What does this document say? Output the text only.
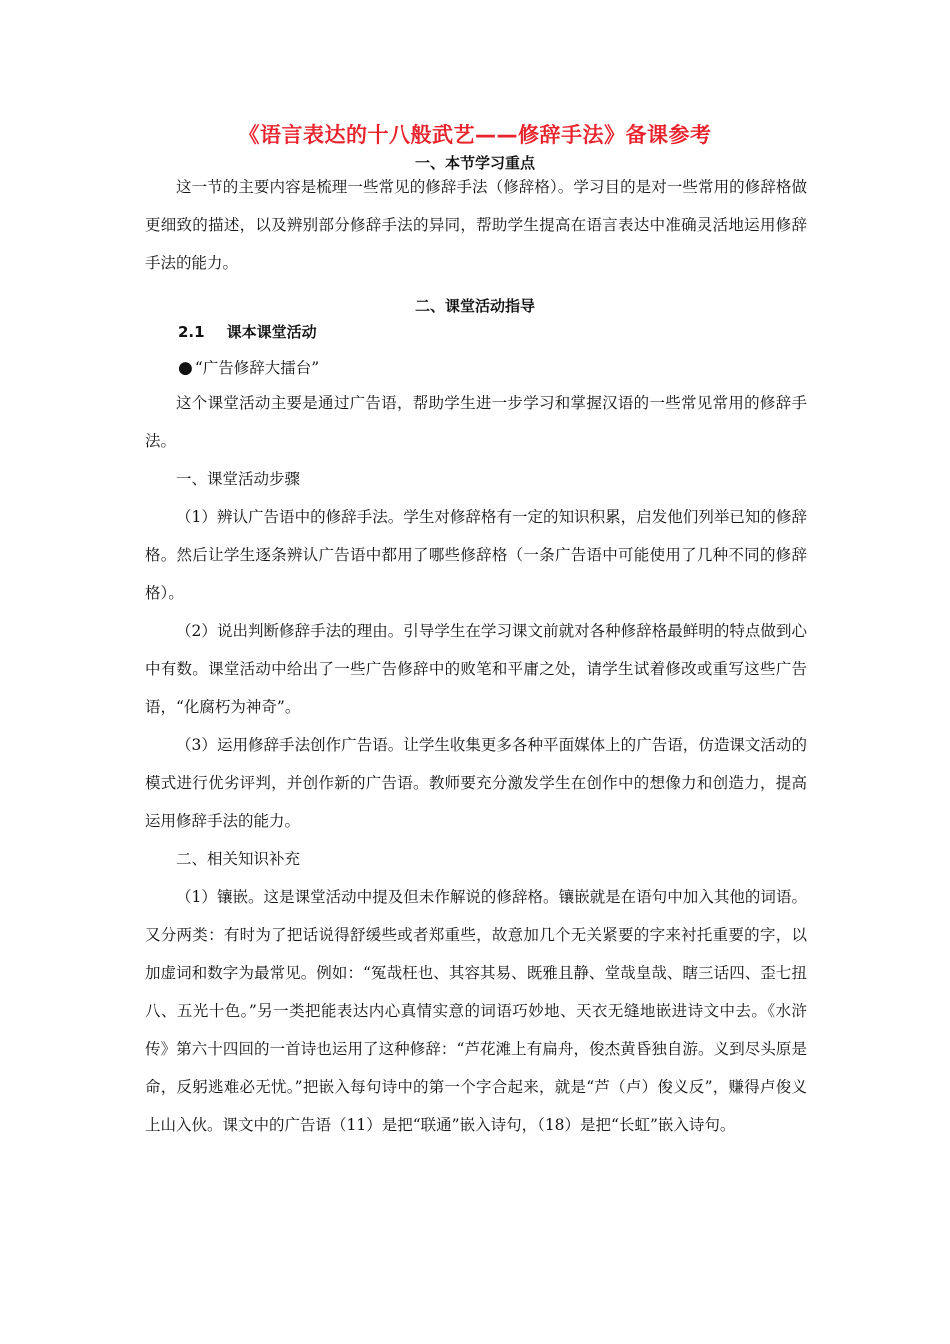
《语言表达的十八般武艺——修辞手法》备课参考
一、本节学习重点

这一节的主要内容是梳理一些常见的修辞手法（修辞格）。学习目的是对一些常用的修辞格做更细致的描述，以及辨别部分修辞手法的异同，帮助学生提高在语言表达中准确灵活地运用修辞手法的能力。

二、课堂活动指导
2.1 课本课堂活动
● “广告修辞大擂台”

这个课堂活动主要是通过广告语，帮助学生进一步学习和掌握汉语的一些常见常用的修辞手法。

一、课堂活动步骤

（1）辨认广告语中的修辞手法。学生对修辞格有一定的知识积累，启发他们列举已知的修辞格。然后让学生逐条辨认广告语中都用了哪些修辞格（一条广告语中可能使用了几种不同的修辞格）。

（2）说出判断修辞手法的理由。引导学生在学习课文前就对各种修辞格最鲜明的特点做到心中有数。课堂活动中给出了一些广告修辞中的败笔和平庸之处，请学生试着修改或重写这些广告语，“化腐朽为神奇”。

（3）运用修辞手法创作广告语。让学生收集更多各种平面媒体上的广告语，仿造课文活动的模式进行优劣评判，并创作新的广告语。教师要充分激发学生在创作中的想像力和创造力，提高运用修辞手法的能力。

二、相关知识补充

（1）镶嵌。这是课堂活动中提及但未作解说的修辞格。镶嵌就是在语句中加入其他的词语。又分两类：有时为了把话说得舒缓些或者郑重些，故意加几个无关紧要的字来衬托重要的字，以加虚词和数字为最常见。例如：“冤哉枉也、其容其易、既雅且静、堂哉皇哉、瞎三话四、歪七扭八、五光十色。”另一类把能表达内心真情实意的词语巧妙地、天衣无缝地嵌进诗文中去。《水浒传》第六十四回的一首诗也运用了这种修辞：“芦花滩上有扁舟，俊杰黄昏独自游。义到尽头原是命，反躬逃难必无忧。”把嵌入每句诗中的第一个字合起来，就是“芦（卢）俊义反”，赚得卢俊义上山入伙。课文中的广告语（11）是把“联通”嵌入诗句，（18）是把“长虹”嵌入诗句。
